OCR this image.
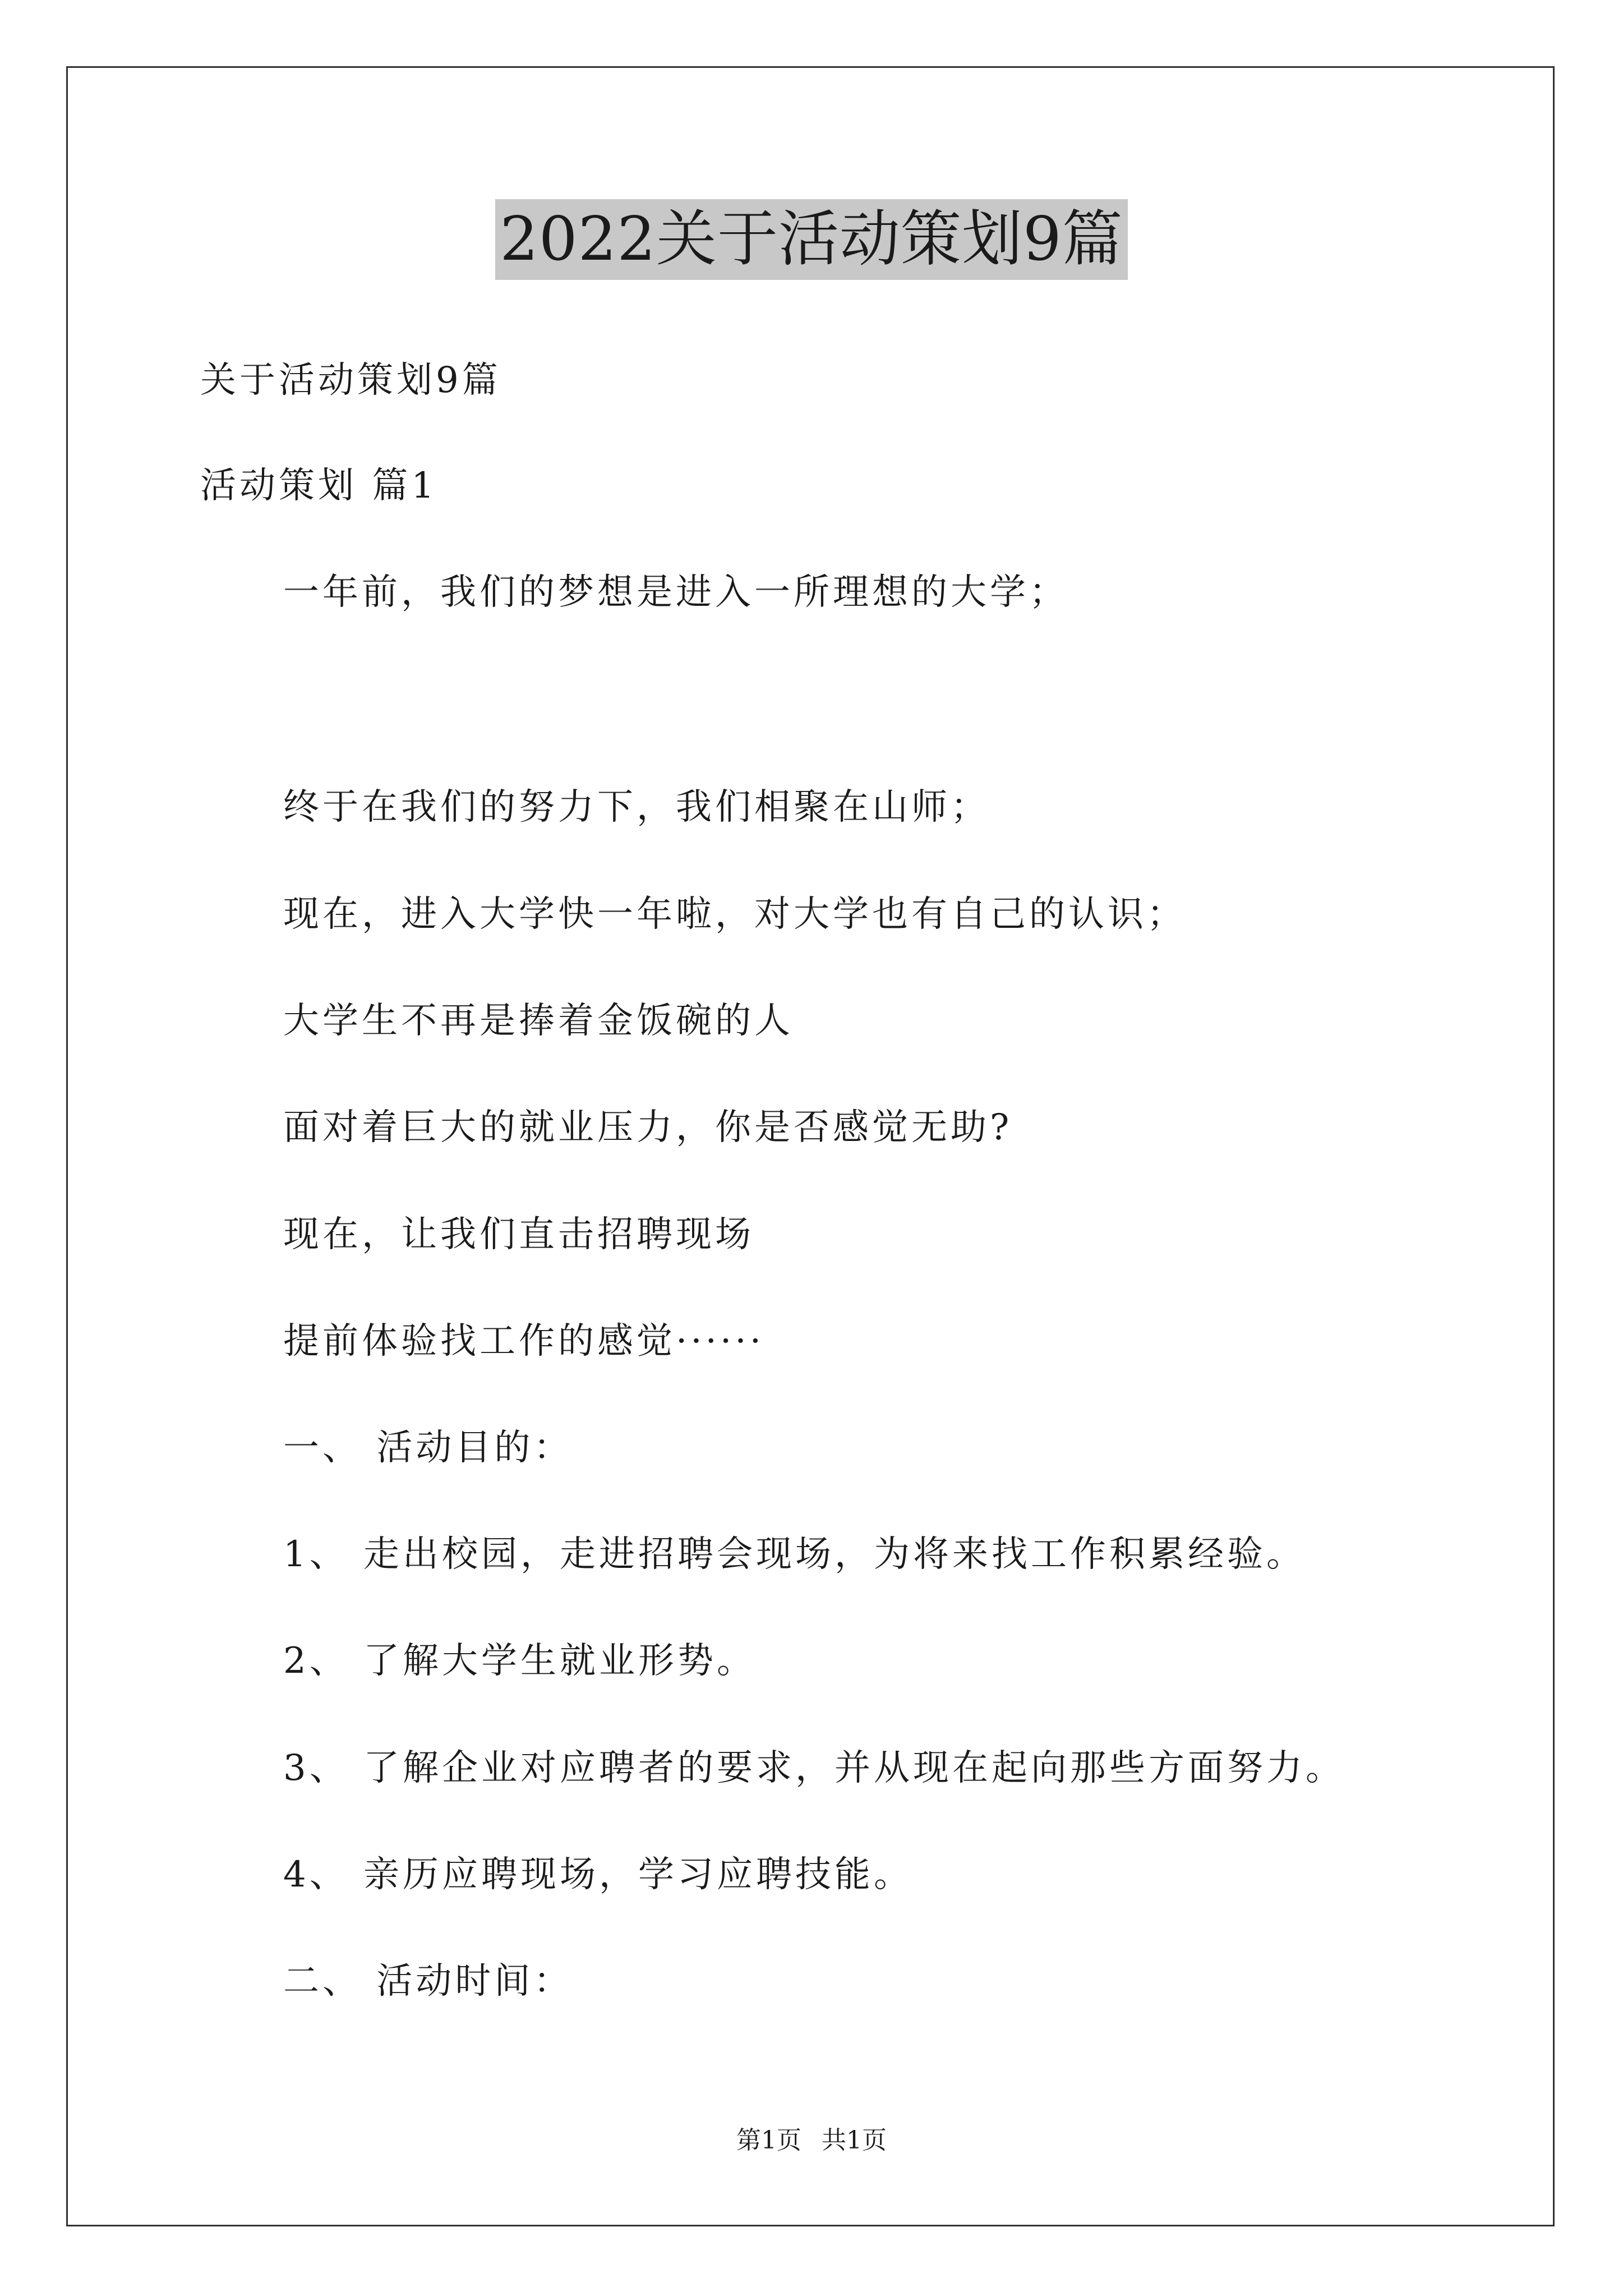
2022关于活动策划9篇
关于活动策划9篇
活动策划 篇1
一年前，我们的梦想是进入一所理想的大学；
终于在我们的努力下，我们相聚在山师；
现在，进入大学快一年啦，对大学也有自己的认识；
大学生不再是捧着金饭碗的人
面对着巨大的就业压力，你是否感觉无助?
现在，让我们直击招聘现场
提前体验找工作的感觉······
一、 活动目的：
1、 走出校园，走进招聘会现场，为将来找工作积累经验。
2、 了解大学生就业形势。
3、 了解企业对应聘者的要求，并从现在起向那些方面努力。
4、 亲历应聘现场，学习应聘技能。
二、 活动时间：
第1页 共1页
